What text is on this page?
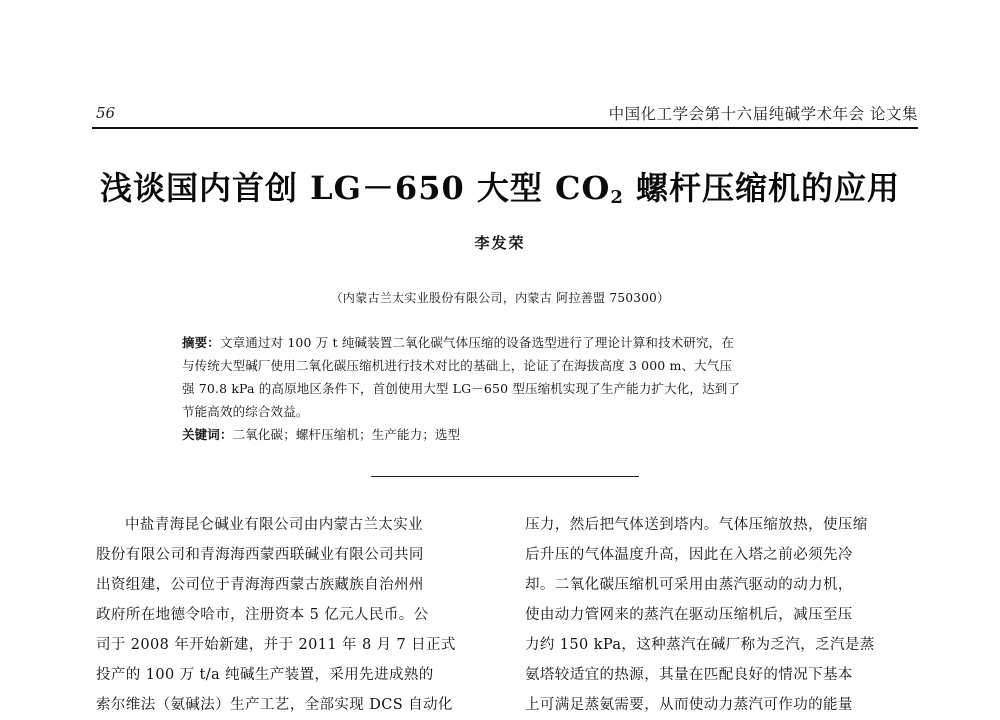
56	中国化工学会第十六届纯碱学术年会 论文集
浅谈国内首创 LG－650 大型 $CO_2$ 螺杆压缩机的应用
李发荣
（内蒙古兰太实业股份有限公司，内蒙古 阿拉善盟 750300）
摘要：文章通过对 100 万 t 纯碱装置二氧化碳气体压缩的设备选型进行了理论计算和技术研究，在
与传统大型碱厂使用二氧化碳压缩机进行技术对比的基础上，论证了在海拔高度 3 000 m、大气压
强 70.8 kPa 的高原地区条件下，首创使用大型 LG－650 型压缩机实现了生产能力扩大化，达到了
节能高效的综合效益。
关键词：二氧化碳；螺杆压缩机；生产能力；选型
中盐青海昆仑碱业有限公司由内蒙古兰太实业
股份有限公司和青海海西蒙西联碱业有限公司共同
出资组建，公司位于青海海西蒙古族藏族自治州州
政府所在地德令哈市，注册资本 5 亿元人民币。公
司于 2008 年开始新建，并于 2011 年 8 月 7 日正式
投产的 100 万 t/a 纯碱生产装置，采用先进成熟的
索尔维法（氨碱法）生产工艺，全部实现 DCS 自动化
压力，然后把气体送到塔内。气体压缩放热，使压缩
后升压的气体温度升高，因此在入塔之前必须先冷
却。二氧化碳压缩机可采用由蒸汽驱动的动力机，
使由动力管网来的蒸汽在驱动压缩机后，减压至压
力约 150 kPa，这种蒸汽在碱厂称为乏汽，乏汽是蒸
氨塔较适宜的热源，其量在匹配良好的情况下基本
上可满足蒸氨需要，从而使动力蒸汽可作功的能量
